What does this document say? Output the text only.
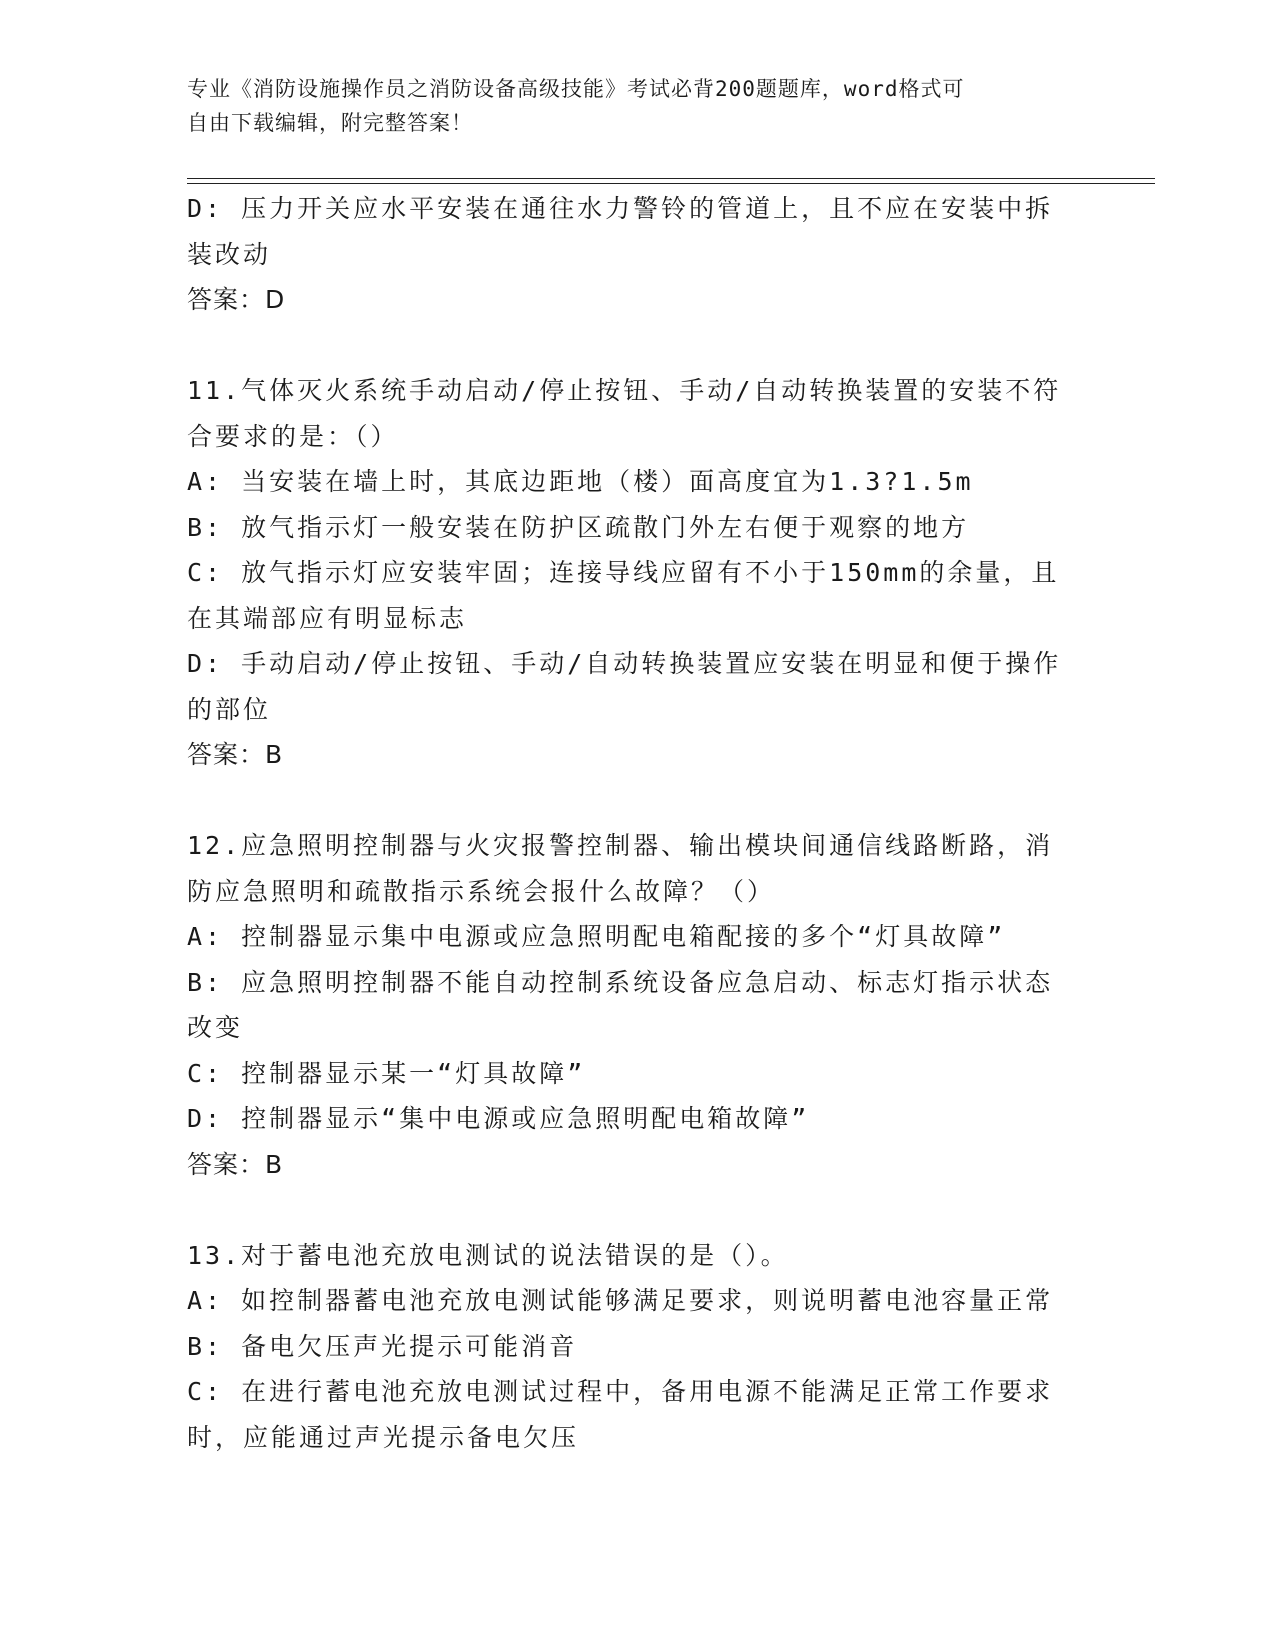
专业《消防设施操作员之消防设备高级技能》考试必背200题题库，word格式可
自由下载编辑，附完整答案！
D: 压力开关应水平安装在通往水力警铃的管道上，且不应在安装中拆
装改动
答案：D
11.气体灭火系统手动启动/停止按钮、手动/自动转换装置的安装不符
合要求的是：（）
A: 当安装在墙上时，其底边距地（楼）面高度宜为1.3?1.5m
B: 放气指示灯一般安装在防护区疏散门外左右便于观察的地方
C: 放气指示灯应安装牢固；连接导线应留有不小于150mm的余量，且
在其端部应有明显标志
D: 手动启动/停止按钮、手动/自动转换装置应安装在明显和便于操作
的部位
答案：B
12.应急照明控制器与火灾报警控制器、输出模块间通信线路断路，消
防应急照明和疏散指示系统会报什么故障？（）
A: 控制器显示集中电源或应急照明配电箱配接的多个“灯具故障”
B: 应急照明控制器不能自动控制系统设备应急启动、标志灯指示状态
改变
C: 控制器显示某一“灯具故障”
D: 控制器显示“集中电源或应急照明配电箱故障”
答案：B
13.对于蓄电池充放电测试的说法错误的是（）。
A: 如控制器蓄电池充放电测试能够满足要求，则说明蓄电池容量正常
B: 备电欠压声光提示可能消音
C: 在进行蓄电池充放电测试过程中，备用电源不能满足正常工作要求
时，应能通过声光提示备电欠压
